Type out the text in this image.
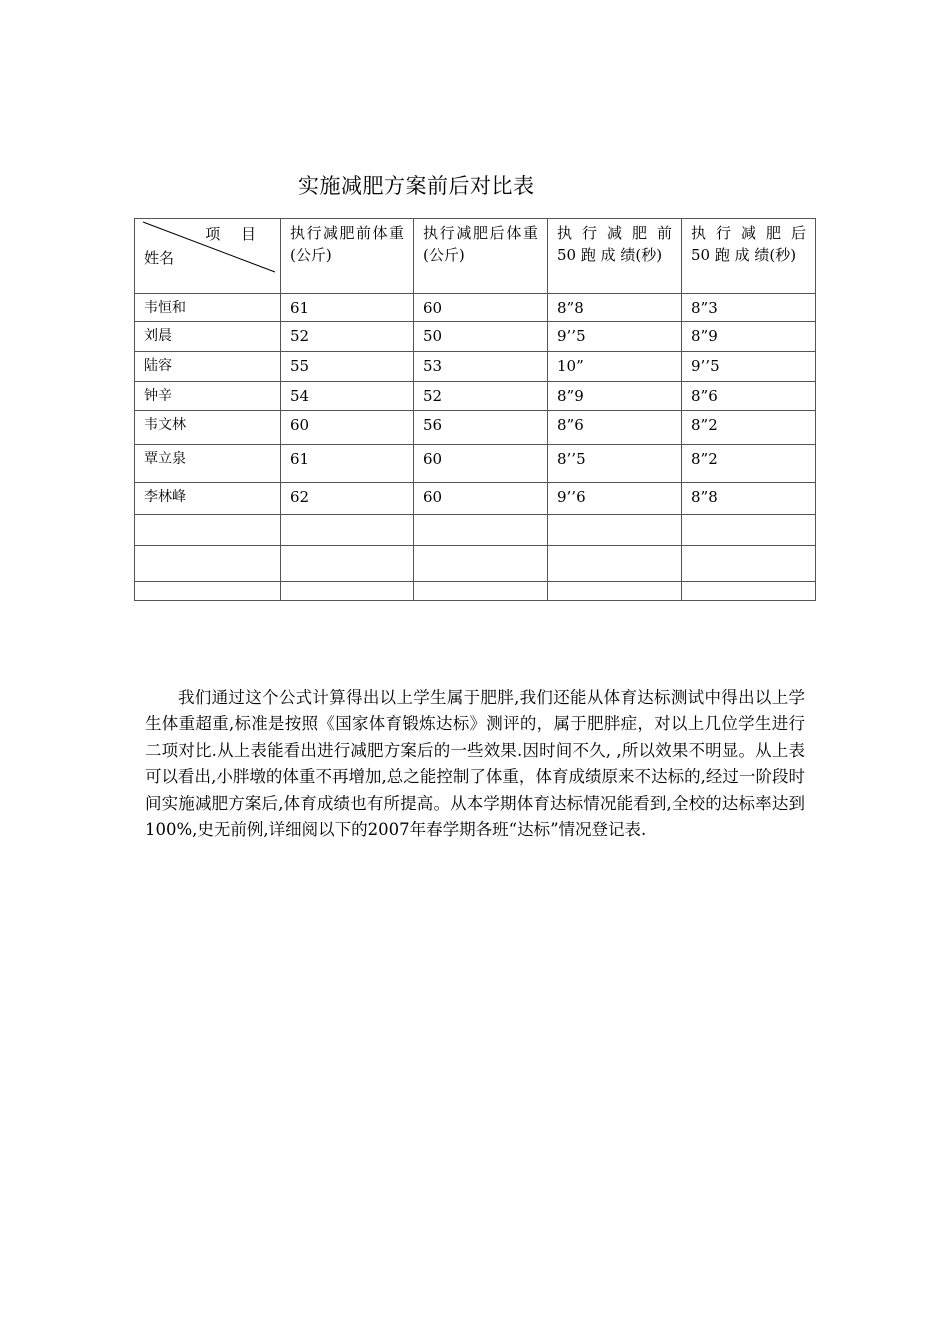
实施减肥方案前后对比表
项 目
姓名	执行减肥前体重(公斤)	执行减肥后体重(公斤)	执 行 减 肥 前 50 跑 成 绩(秒)	执 行 减 肥 后 50 跑 成 绩(秒)

韦恒和	61	60	8”8	8”3
刘晨	52	50	9’’5	8”9
陆容	55	53	10”	9’’5
钟辛	54	52	8”9	8”6
韦文林	60	56	8”6	8”2
覃立泉	61	60	8’’5	8”2
李林峰	62	60	9’’6	8”8

我们通过这个公式计算得出以上学生属于肥胖,我们还能从体育达标测试中得出以上学生体重超重,标准是按照《国家体育锻炼达标》测评的，属于肥胖症，对以上几位学生进行二项对比.从上表能看出进行减肥方案后的一些效果.因时间不久, ,所以效果不明显。从上表可以看出,小胖墩的体重不再增加,总之能控制了体重，体育成绩原来不达标的,经过一阶段时间实施减肥方案后,体育成绩也有所提高。从本学期体育达标情况能看到,全校的达标率达到100%,史无前例,详细阅以下的2007年春学期各班“达标”情况登记表.
